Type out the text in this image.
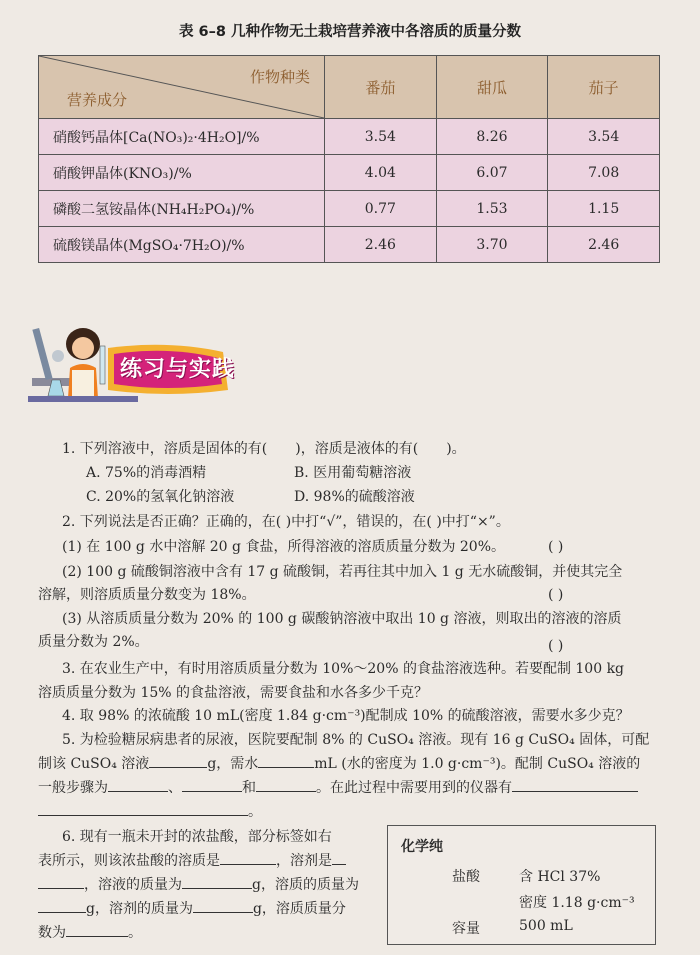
表 6–8 几种作物无土栽培营养液中各溶质的质量分数
作物种类
营养成分	番茄	甜瓜	茄子
硝酸钙晶体[Ca(NO₃)₂·4H₂O]/%	3.54	8.26	3.54
硝酸钾晶体(KNO₃)/%	4.04	6.07	7.08
磷酸二氢铵晶体(NH₄H₂PO₄)/%	0.77	1.53	1.15
硫酸镁晶体(MgSO₄·7H₂O)/%	2.46	3.70	2.46
练习与实践
1. 下列溶液中，溶质是固体的有( )，溶质是液体的有( )。
A. 75%的消毒酒精	B. 医用葡萄糖溶液
C. 20%的氢氧化钠溶液	D. 98%的硫酸溶液
2. 下列说法是否正确？正确的，在( )中打“√”，错误的，在( )中打“×”。
(1) 在 100 g 水中溶解 20 g 食盐，所得溶液的溶质质量分数为 20%。	( )
(2) 100 g 硫酸铜溶液中含有 17 g 硫酸铜，若再往其中加入 1 g 无水硫酸铜，并使其完全
溶解，则溶质质量分数变为 18%。	( )
(3) 从溶质质量分数为 20% 的 100 g 碳酸钠溶液中取出 10 g 溶液，则取出的溶液的溶质
质量分数为 2%。	( )
3. 在农业生产中，有时用溶质质量分数为 10%～20% 的食盐溶液选种。若要配制 100 kg
溶质质量分数为 15% 的食盐溶液，需要食盐和水各多少千克？
4. 取 98% 的浓硫酸 10 mL(密度 1.84 g·cm⁻³)配制成 10% 的硫酸溶液，需要水多少克？
5. 为检验糖尿病患者的尿液，医院要配制 8% 的 CuSO₄ 溶液。现有 16 g CuSO₄ 固体，可配
制该 CuSO₄ 溶液	g，需水	mL (水的密度为 1.0 g·cm⁻³)。配制 CuSO₄ 溶液的
一般步骤为	、	和	。在此过程中需要用到的仪器有
。
6. 现有一瓶未开封的浓盐酸，部分标签如右
表所示，则该浓盐酸的溶质是	，溶剂是
，溶液的质量为	g，溶质的质量为
g，溶剂的质量为	g，溶质质量分
数为	。
化学纯
盐酸	含 HCl 37%
密度 1.18 g·cm⁻³
容量	500 mL
